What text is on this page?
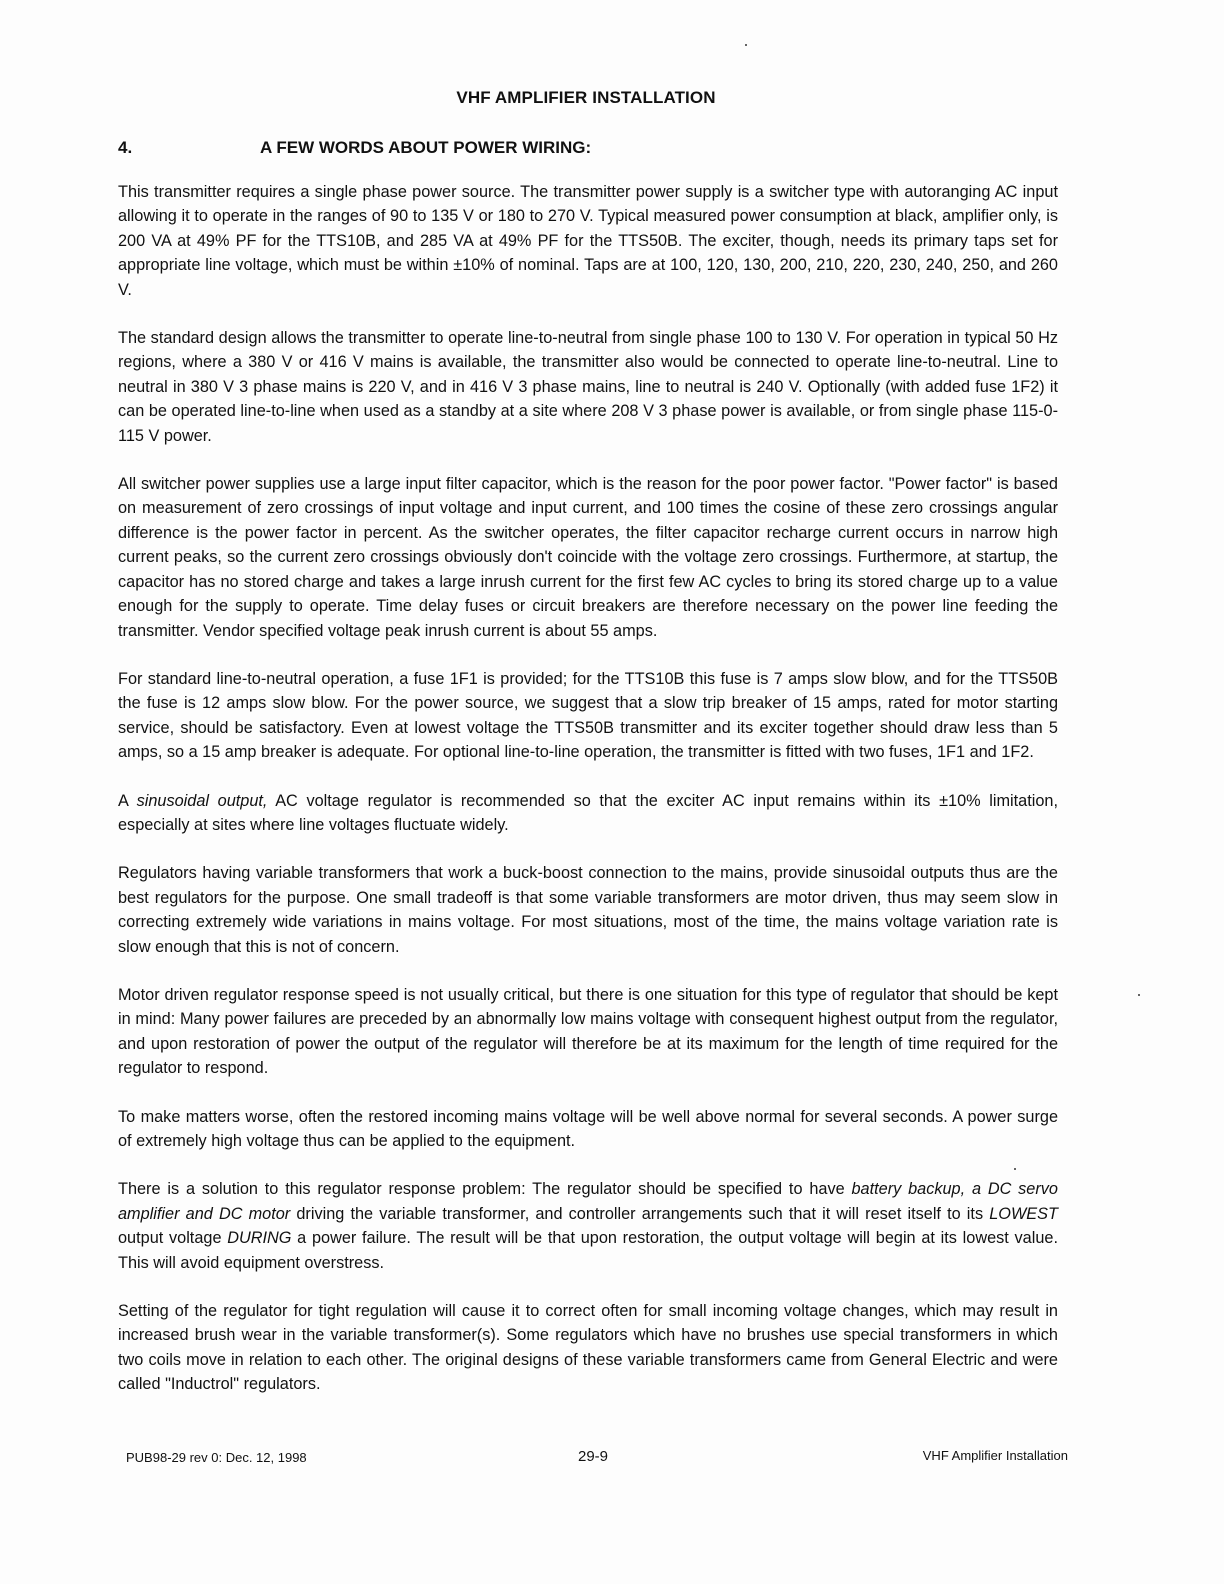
VHF AMPLIFIER INSTALLATION
4.	A FEW WORDS ABOUT POWER WIRING:

This transmitter requires a single phase power source. The transmitter power supply is a switcher type with autoranging AC input allowing it to operate in the ranges of 90 to 135 V or 180 to 270 V. Typical measured power consumption at black, amplifier only, is 200 VA at 49% PF for the TTS10B, and 285 VA at 49% PF for the TTS50B. The exciter, though, needs its primary taps set for appropriate line voltage, which must be within ±10% of nominal. Taps are at 100, 120, 130, 200, 210, 220, 230, 240, 250, and 260 V.

The standard design allows the transmitter to operate line-to-neutral from single phase 100 to 130 V. For operation in typical 50 Hz regions, where a 380 V or 416 V mains is available, the transmitter also would be connected to operate line-to-neutral. Line to neutral in 380 V 3 phase mains is 220 V, and in 416 V 3 phase mains, line to neutral is 240 V. Optionally (with added fuse 1F2) it can be operated line-to-line when used as a standby at a site where 208 V 3 phase power is available, or from single phase 115-0-115 V power.

All switcher power supplies use a large input filter capacitor, which is the reason for the poor power factor. "Power factor" is based on measurement of zero crossings of input voltage and input current, and 100 times the cosine of these zero crossings angular difference is the power factor in percent. As the switcher operates, the filter capacitor recharge current occurs in narrow high current peaks, so the current zero crossings obviously don't coincide with the voltage zero crossings. Furthermore, at startup, the capacitor has no stored charge and takes a large inrush current for the first few AC cycles to bring its stored charge up to a value enough for the supply to operate. Time delay fuses or circuit breakers are therefore necessary on the power line feeding the transmitter. Vendor specified voltage peak inrush current is about 55 amps.

For standard line-to-neutral operation, a fuse 1F1 is provided; for the TTS10B this fuse is 7 amps slow blow, and for the TTS50B the fuse is 12 amps slow blow. For the power source, we suggest that a slow trip breaker of 15 amps, rated for motor starting service, should be satisfactory. Even at lowest voltage the TTS50B transmitter and its exciter together should draw less than 5 amps, so a 15 amp breaker is adequate. For optional line-to-line operation, the transmitter is fitted with two fuses, 1F1 and 1F2.

A sinusoidal output, AC voltage regulator is recommended so that the exciter AC input remains within its ±10% limitation, especially at sites where line voltages fluctuate widely.

Regulators having variable transformers that work a buck-boost connection to the mains, provide sinusoidal outputs thus are the best regulators for the purpose. One small tradeoff is that some variable transformers are motor driven, thus may seem slow in correcting extremely wide variations in mains voltage. For most situations, most of the time, the mains voltage variation rate is slow enough that this is not of concern.

Motor driven regulator response speed is not usually critical, but there is one situation for this type of regulator that should be kept in mind: Many power failures are preceded by an abnormally low mains voltage with consequent highest output from the regulator, and upon restoration of power the output of the regulator will therefore be at its maximum for the length of time required for the regulator to respond.

To make matters worse, often the restored incoming mains voltage will be well above normal for several seconds. A power surge of extremely high voltage thus can be applied to the equipment.

There is a solution to this regulator response problem: The regulator should be specified to have battery backup, a DC servo amplifier and DC motor driving the variable transformer, and controller arrangements such that it will reset itself to its LOWEST output voltage DURING a power failure. The result will be that upon restoration, the output voltage will begin at its lowest value. This will avoid equipment overstress.

Setting of the regulator for tight regulation will cause it to correct often for small incoming voltage changes, which may result in increased brush wear in the variable transformer(s). Some regulators which have no brushes use special transformers in which two coils move in relation to each other. The original designs of these variable transformers came from General Electric and were called "Inductrol" regulators.

PUB98-29 rev 0: Dec. 12, 1998	29-9	VHF Amplifier Installation
